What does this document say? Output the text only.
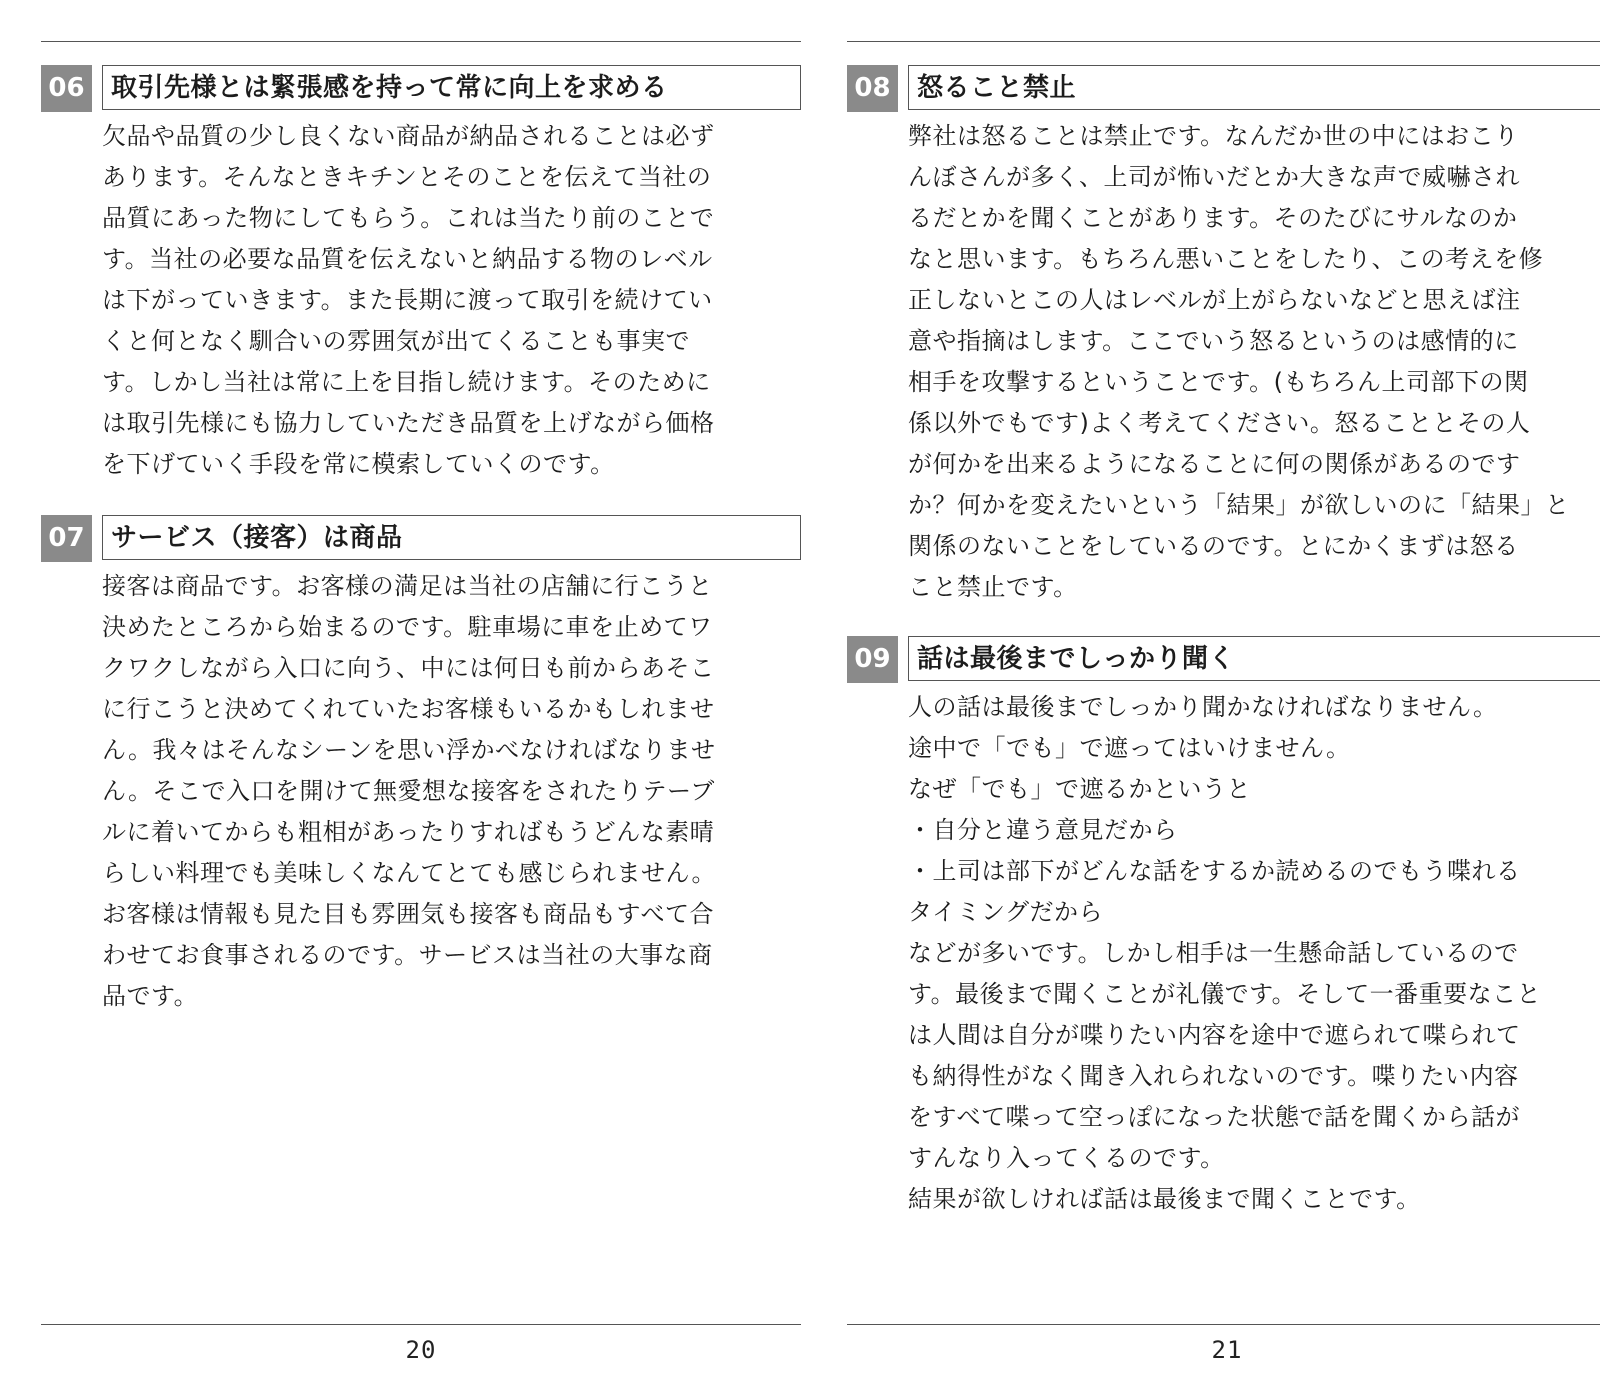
06	取引先様とは緊張感を持って常に向上を求める
欠品や品質の少し良くない商品が納品されることは必ず
あります。そんなときキチンとそのことを伝えて当社の
品質にあった物にしてもらう。これは当たり前のことで
す。当社の必要な品質を伝えないと納品する物のレベル
は下がっていきます。また長期に渡って取引を続けてい
くと何となく馴合いの雰囲気が出てくることも事実で
す。しかし当社は常に上を目指し続けます。そのために
は取引先様にも協力していただき品質を上げながら価格
を下げていく手段を常に模索していくのです。
07	サービス（接客）は商品
接客は商品です。お客様の満足は当社の店舗に行こうと
決めたところから始まるのです。駐車場に車を止めてワ
クワクしながら入口に向う、中には何日も前からあそこ
に行こうと決めてくれていたお客様もいるかもしれませ
ん。我々はそんなシーンを思い浮かべなければなりませ
ん。そこで入口を開けて無愛想な接客をされたりテーブ
ルに着いてからも粗相があったりすればもうどんな素晴
らしい料理でも美味しくなんてとても感じられません。
お客様は情報も見た目も雰囲気も接客も商品もすべて合
わせてお食事されるのです。サービスは当社の大事な商
品です。
20
08	怒ること禁止
弊社は怒ることは禁止です。なんだか世の中にはおこり
んぼさんが多く、上司が怖いだとか大きな声で威嚇され
るだとかを聞くことがあります。そのたびにサルなのか
なと思います。もちろん悪いことをしたり、この考えを修
正しないとこの人はレベルが上がらないなどと思えば注
意や指摘はします。ここでいう怒るというのは感情的に
相手を攻撃するということです。(もちろん上司部下の関
係以外でもです)よく考えてください。怒ることとその人
が何かを出来るようになることに何の関係があるのです
か？何かを変えたいという「結果」が欲しいのに「結果」と
関係のないことをしているのです。とにかくまずは怒る
こと禁止です。
09	話は最後までしっかり聞く
人の話は最後までしっかり聞かなければなりません。
途中で「でも」で遮ってはいけません。
なぜ「でも」で遮るかというと
・自分と違う意見だから
・上司は部下がどんな話をするか読めるのでもう喋れる
タイミングだから
などが多いです。しかし相手は一生懸命話しているので
す。最後まで聞くことが礼儀です。そして一番重要なこと
は人間は自分が喋りたい内容を途中で遮られて喋られて
も納得性がなく聞き入れられないのです。喋りたい内容
をすべて喋って空っぽになった状態で話を聞くから話が
すんなり入ってくるのです。
結果が欲しければ話は最後まで聞くことです。
21
